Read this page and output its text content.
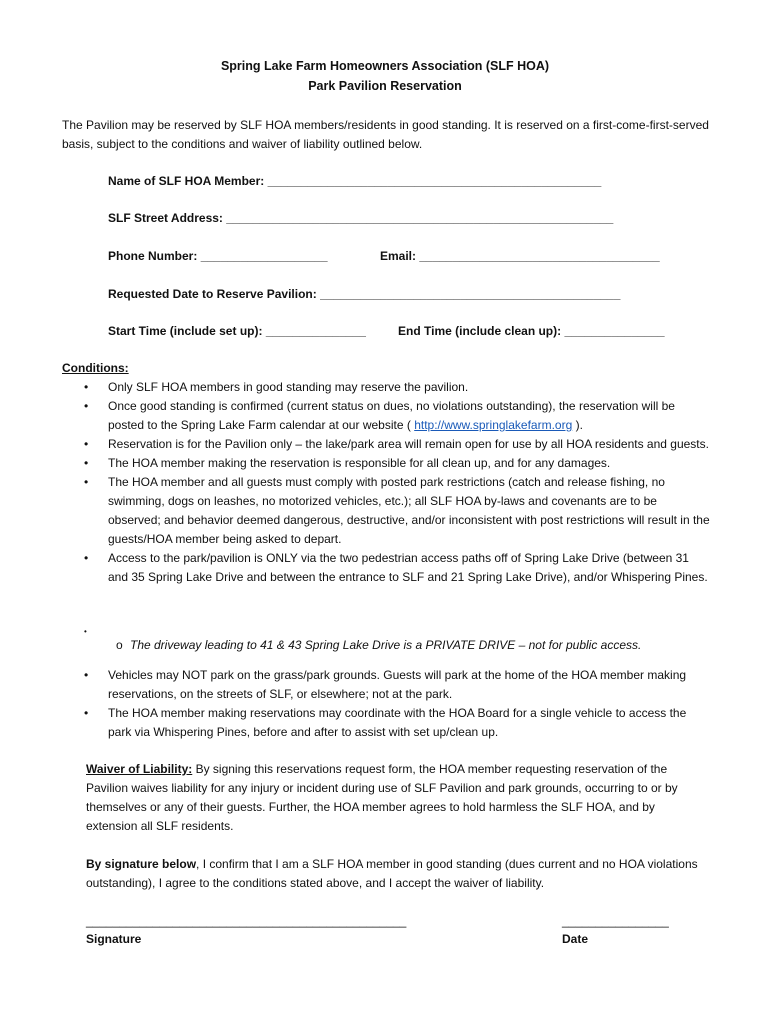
Spring Lake Farm Homeowners Association (SLF HOA)
Park Pavilion Reservation
The Pavilion may be reserved by SLF HOA members/residents in good standing. It is reserved on a first-come-first-served basis, subject to the conditions and waiver of liability outlined below.
Name of SLF HOA Member: __________________________________________________
SLF Street Address: __________________________________________________________
Phone Number: ___________________	Email: ____________________________________
Requested Date to Reserve Pavilion: _____________________________________________
Start Time (include set up): _______________	End Time (include clean up): _______________
Conditions:
• Only SLF HOA members in good standing may reserve the pavilion.
• Once good standing is confirmed (current status on dues, no violations outstanding), the reservation will be posted to the Spring Lake Farm calendar at our website ( http://www.springlakefarm.org ).
• Reservation is for the Pavilion only – the lake/park area will remain open for use by all HOA residents and guests.
• The HOA member making the reservation is responsible for all clean up, and for any damages.
• The HOA member and all guests must comply with posted park restrictions (catch and release fishing, no swimming, dogs on leashes, no motorized vehicles, etc.); all SLF HOA by-laws and covenants are to be observed; and behavior deemed dangerous, destructive, and/or inconsistent with post restrictions will result in the guests/HOA member being asked to depart.
• Access to the park/pavilion is ONLY via the two pedestrian access paths off of Spring Lake Drive (between 31 and 35 Spring Lake Drive and between the entrance to SLF and 21 Spring Lake Drive), and/or Whispering Pines.
•
o The driveway leading to 41 & 43 Spring Lake Drive is a PRIVATE DRIVE – not for public access.
• Vehicles may NOT park on the grass/park grounds. Guests will park at the home of the HOA member making reservations, on the streets of SLF, or elsewhere; not at the park.
• The HOA member making reservations may coordinate with the HOA Board for a single vehicle to access the park via Whispering Pines, before and after to assist with set up/clean up.
Waiver of Liability: By signing this reservations request form, the HOA member requesting reservation of the Pavilion waives liability for any injury or incident during use of SLF Pavilion and park grounds, occurring to or by themselves or any of their guests. Further, the HOA member agrees to hold harmless the SLF HOA, and by extension all SLF residents.
By signature below, I confirm that I am a SLF HOA member in good standing (dues current and no HOA violations outstanding), I agree to the conditions stated above, and I accept the waiver of liability.
________________________________________________
Signature
________________
Date
